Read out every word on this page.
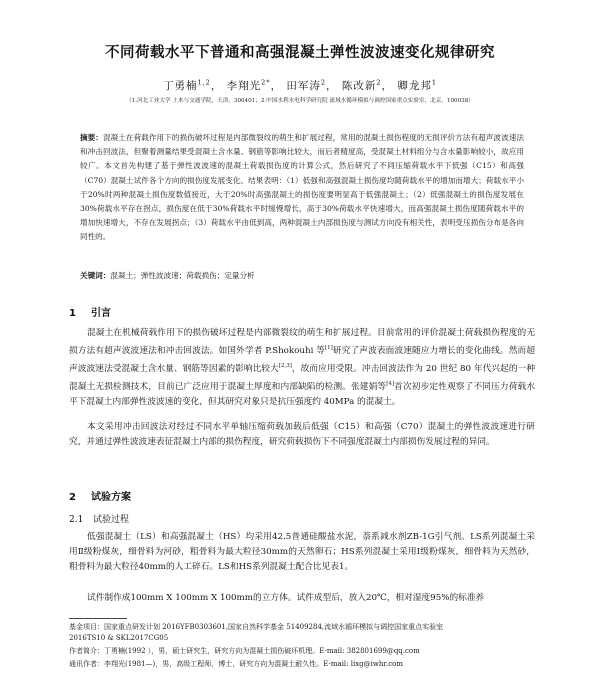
不同荷载水平下普通和高强混凝土弹性波波速变化规律研究
丁勇楠$^{1,2}$， 李翔光$^{2*}$， 田军涛$^2$， 陈改新$^2$， 卿龙邦$^1$
（1.河北工业大学 土木与交通学院，天津，300401；2.中国水利水电科学研究院 流域水循环模拟与调控国家重点实验室，北京，100038）
摘要：混凝土在荷载作用下的损伤破坏过程是内部微裂纹的萌生和扩展过程，常用的混凝土损伤程度的无损评价方法有超声波波速法和冲击回波法，但聚着测量结果受混凝土含水量、钢筋等影响比较大，而后者精度高，受混凝土材料组分与含水量影响较小，故应用较广。本文首先构建了基于弹性波波速的混凝土荷载损伤度的计算公式，然后研究了不同压缩荷载水平下低强（C15）和高强（C70）混凝土试件各个方向的损伤度发展变化。结果表明：（1）低强和高强混凝土损伤度均随荷载水平的增加而增大；荷载水平小于20%时两种混凝土损伤度数值接近，大于20%时高强混凝土的损伤度要明显高于低强混凝土；（2）低强混凝土的损伤度发展在30%荷载水平存在拐点，损伤度在低于30%荷载水平时缓慢增长，高于30%荷载水平快速增大，而高强混凝土损伤度随荷载水平的增加快速增大，不存在发展拐点；（3）荷载水平由低到高，两种混凝土内部损伤度与测试方向没有相关性，表明受压损伤分布是各向同性的。
关键词：混凝土；弹性波波速；荷载损伤；定量分析
1 引言
混凝土在机械荷载作用下的损伤破坏过程是内部微裂纹的萌生和扩展过程。目前常用的评价混凝土荷载损伤程度的无损方法有超声波波速法和冲击回波法。如国外学者 P.Shokouhi 等[1]研究了声波表面波速随应力增长的变化曲线。然而超声波波速法受混凝土含水量、钢筋等因素的影响比较大[2,3]，故而应用受限。冲击回波法作为 20 世纪 80 年代兴起的一种混凝土无损检测技术，目前已广泛应用于混凝土厚度和内部缺陷的检测。张建娟等[4]首次初步定性观察了不同压力荷载水平下混凝土内部弹性波波速的变化，但其研究对象只是抗压强度约 40MPa 的混凝土。
本文采用冲击回波法对经过不同水平单轴压缩荷载加载后低强（C15）和高强（C70）混凝土的弹性波波速进行研究，并通过弹性波波速表征混凝土内部的损伤程度，研究荷载损伤下不同强度混凝土内部损伤发展过程的异同。
2 试验方案
2.1 试验过程
低强混凝土（LS）和高强混凝土（HS）均采用42.5普通硅酸盐水泥，萘系减水剂ZB-1G引气剂。LS系列混凝土采用Ⅱ级粉煤灰，细骨料为河砂，粗骨料为最大粒径30mm的天然卵石；HS系列混凝土采用Ⅰ级粉煤灰，细骨料为天然砂，粗骨料为最大粒径40mm的人工碎石。LS和HS系列混凝土配合比见表1。
试件制作成100mm X 100mm X 100mm的立方体。试件成型后，放入20℃，相对湿度95%的标准养
基金项目：国家重点研发计划 2016YFB0303601,国家自然科学基金 51409284,流域水循环模拟与调控国家重点实验室
2016TS10 & SKL2017CG05
作者简介：丁勇楠(1992 ），男，硕士研究生，研究方向为混凝土损伤破坏机理。E-mail: 382801699@qq.com
通讯作者：李翔光(1981—)，男，高级工程师，博士，研究方向为混凝土耐久性。E-mail: lixg@iwhr.com
